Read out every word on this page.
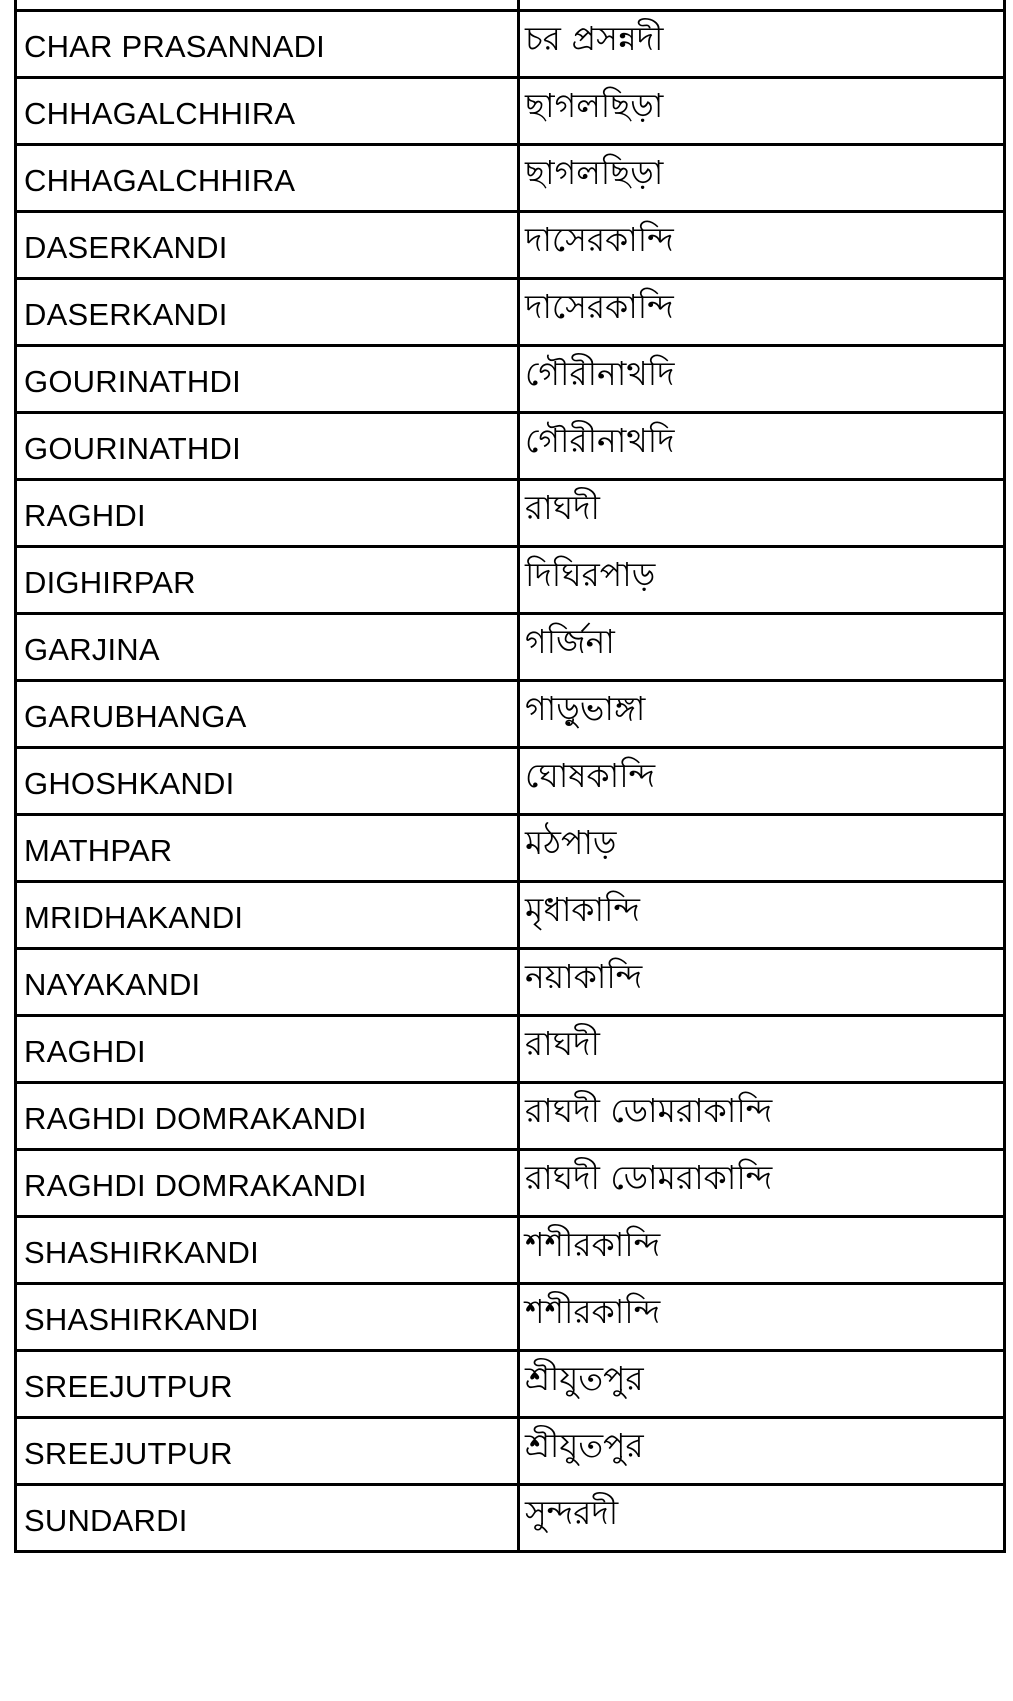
CHAR PRASANNADI	চর প্রসন্নদী
CHHAGALCHHIRA	ছাগলছিড়া
CHHAGALCHHIRA	ছাগলছিড়া
DASERKANDI	দাসেরকান্দি
DASERKANDI	দাসেরকান্দি
GOURINATHDI	গৌরীনাথদি
GOURINATHDI	গৌরীনাথদি
RAGHDI	রাঘদী
DIGHIRPAR	দিঘিরপাড়
GARJINA	গর্জিনা
GARUBHANGA	গাড়ুভাঙ্গা
GHOSHKANDI	ঘোষকান্দি
MATHPAR	মঠপাড়
MRIDHAKANDI	মৃধাকান্দি
NAYAKANDI	নয়াকান্দি
RAGHDI	রাঘদী
RAGHDI DOMRAKANDI	রাঘদী ডোমরাকান্দি
RAGHDI DOMRAKANDI	রাঘদী ডোমরাকান্দি
SHASHIRKANDI	শশীরকান্দি
SHASHIRKANDI	শশীরকান্দি
SREEJUTPUR	শ্রীযুতপুর
SREEJUTPUR	শ্রীযুতপুর
SUNDARDI	সুন্দরদী
